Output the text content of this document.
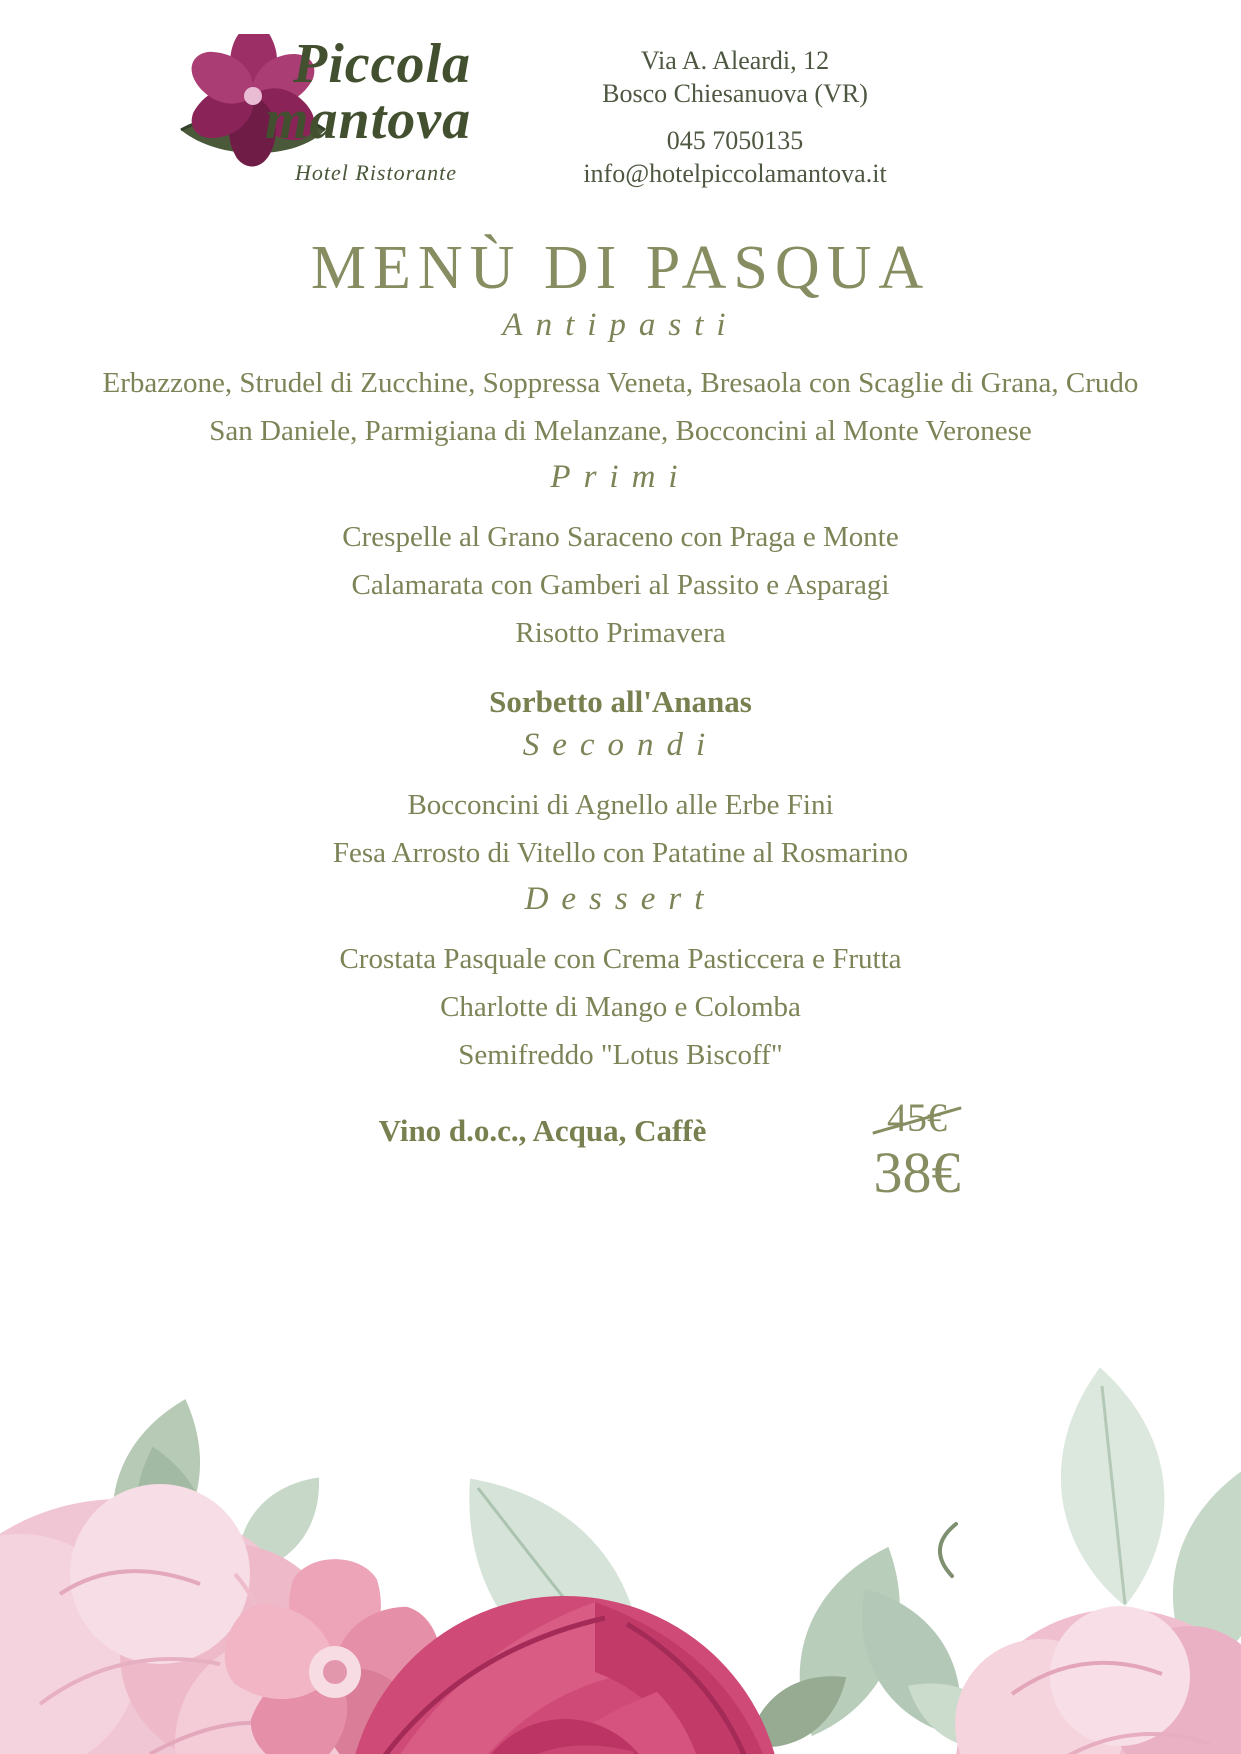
Piccola
mantova
Hotel Ristorante
Via A. Aleardi, 12
Bosco Chiesanuova (VR)
045 7050135
info@hotelpiccolamantova.it
MENÙ DI PASQUA
Antipasti

Erbazzone, Strudel di Zucchine, Soppressa Veneta, Bresaola con Scaglie di Grana, Crudo San Daniele, Parmigiana di Melanzane, Bocconcini al Monte Veronese

Primi

Crespelle al Grano Saraceno con Praga e Monte

Calamarata con Gamberi al Passito e Asparagi

Risotto Primavera

Sorbetto all'Ananas

Secondi

Bocconcini di Agnello alle Erbe Fini

Fesa Arrosto di Vitello con Patatine al Rosmarino

Dessert

Crostata Pasquale con Crema Pasticcera e Frutta

Charlotte di Mango e Colomba

Semifreddo "Lotus Biscoff"

Vino d.o.c., Acqua, Caffè	45€
38€
